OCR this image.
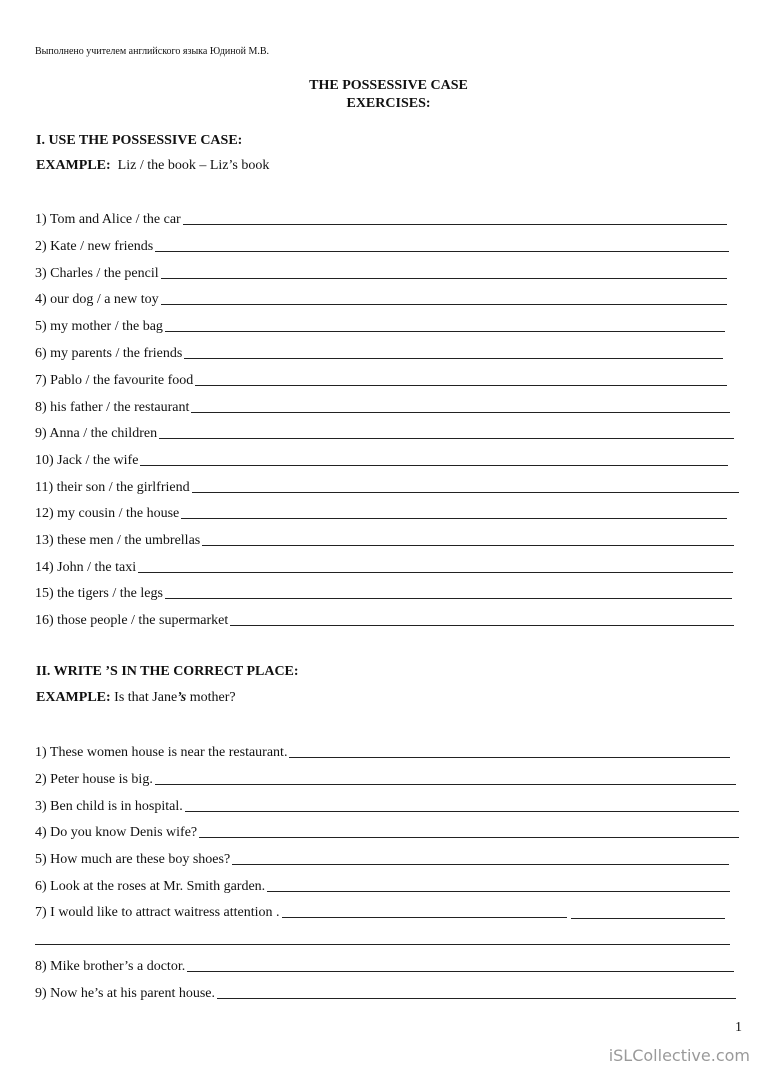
Выполнено учителем английского языка Юдиной М.В.
THE POSSESSIVE CASE
EXERCISES:
I. USE THE POSSESSIVE CASE:
EXAMPLE: Liz / the book – Liz’s book
1) Tom and Alice / the car
2) Kate / new friends
3) Charles / the pencil
4) our dog / a new toy
5) my mother / the bag
6) my parents / the friends
7) Pablo / the favourite food
8) his father / the restaurant
9) Anna / the children
10) Jack / the wife
11) their son / the girlfriend
12) my cousin / the house
13) these men / the umbrellas
14) John / the taxi
15) the tigers / the legs
16) those people / the supermarket
II. WRITE ’S IN THE CORRECT PLACE:
EXAMPLE: Is that Jane’s mother?
1) These women house is near the restaurant.
2) Peter house is big.
3) Ben child is in hospital.
4) Do you know Denis wife?
5) How much are these boy shoes?
6) Look at the roses at Mr. Smith garden.
7) I would like to attract waitress attention .
8) Mike brother’s a doctor.
9) Now he’s at his parent house.
1
iSLCollective.com
